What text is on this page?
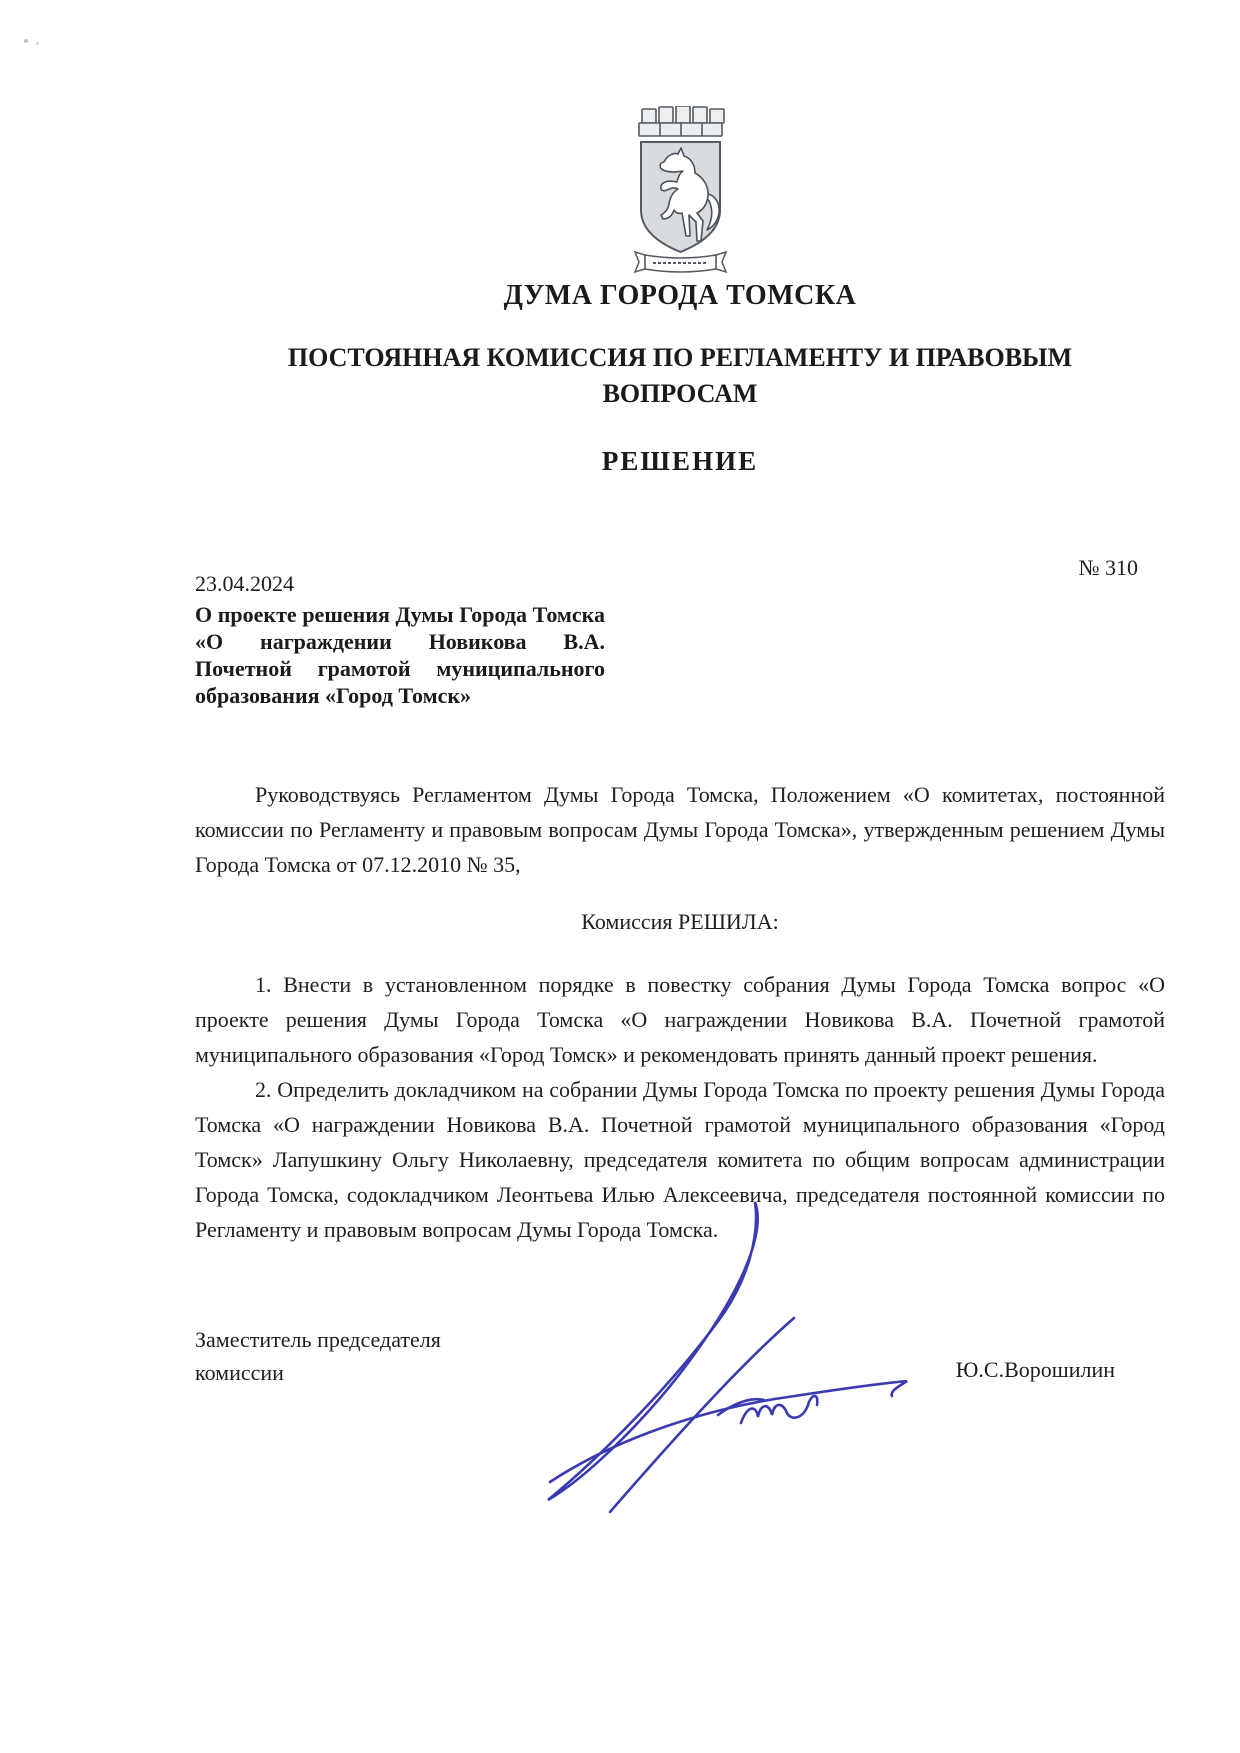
ДУМА ГОРОДА ТОМСКА
ПОСТОЯННАЯ КОМИССИЯ ПО РЕГЛАМЕНТУ И ПРАВОВЫМ ВОПРОСАМ
РЕШЕНИЕ
23.04.2024
№ 310
О проекте решения Думы Города Томска «О награждении Новикова В.А. Почетной грамотой муниципального образования «Город Томск»

Руководствуясь Регламентом Думы Города Томска, Положением «О комитетах, постоянной комиссии по Регламенту и правовым вопросам Думы Города Томска», утвержденным решением Думы Города Томска от 07.12.2010 № 35,

Комиссия РЕШИЛА:

1. Внести в установленном порядке в повестку собрания Думы Города Томска вопрос «О проекте решения Думы Города Томска «О награждении Новикова В.А. Почетной грамотой муниципального образования «Город Томск» и рекомендовать принять данный проект решения.

2. Определить докладчиком на собрании Думы Города Томска по проекту решения Думы Города Томска «О награждении Новикова В.А. Почетной грамотой муниципального образования «Город Томск» Лапушкину Ольгу Николаевну, председателя комитета по общим вопросам администрации Города Томска, содокладчиком Леонтьева Илью Алексеевича, председателя постоянной комиссии по Регламенту и правовым вопросам Думы Города Томска.

Заместитель председателя комиссии	Ю.С.Ворошилин
